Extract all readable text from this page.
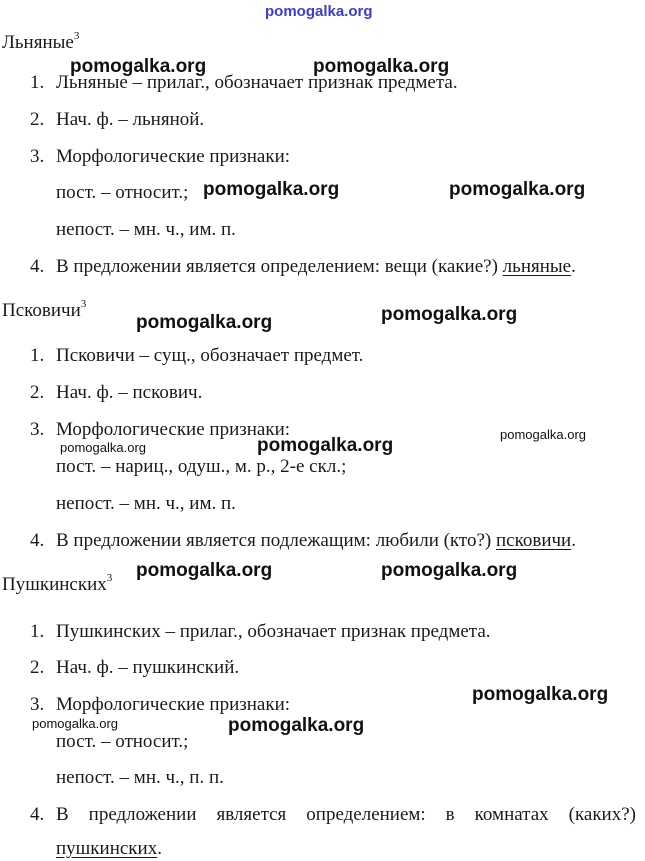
pomogalka.org
Льняные$^3$
1. Льняные – прилаг., обозначает признак предмета.
2. Нач. ф. – льняной.
3. Морфологические признаки:
пост. – относит.;
непост. – мн. ч., им. п.
4. В предложении является определением: вещи (какие?) льняные.
Псковичи$^3$
1. Псковичи – сущ., обозначает предмет.
2. Нач. ф. – пскович.
3. Морфологические признаки:
пост. – нариц., одуш., м. р., 2-е скл.;
непост. – мн. ч., им. п.
4. В предложении является подлежащим: любили (кто?) псковичи.
Пушкинских$^3$
1. Пушкинских – прилаг., обозначает признак предмета.
2. Нач. ф. – пушкинский.
3. Морфологические признаки:
пост. – относит.;
непост. – мн. ч., п. п.
4. В предложении является определением: в комнатах (каких?)
пушкинских.
pomogalka.org	pomogalka.org
pomogalka.org	pomogalka.org
pomogalka.org	pomogalka.org
pomogalka.org	pomogalka.org
pomogalka.org
pomogalka.org	pomogalka.org
pomogalka.org
pomogalka.org	pomogalka.org
